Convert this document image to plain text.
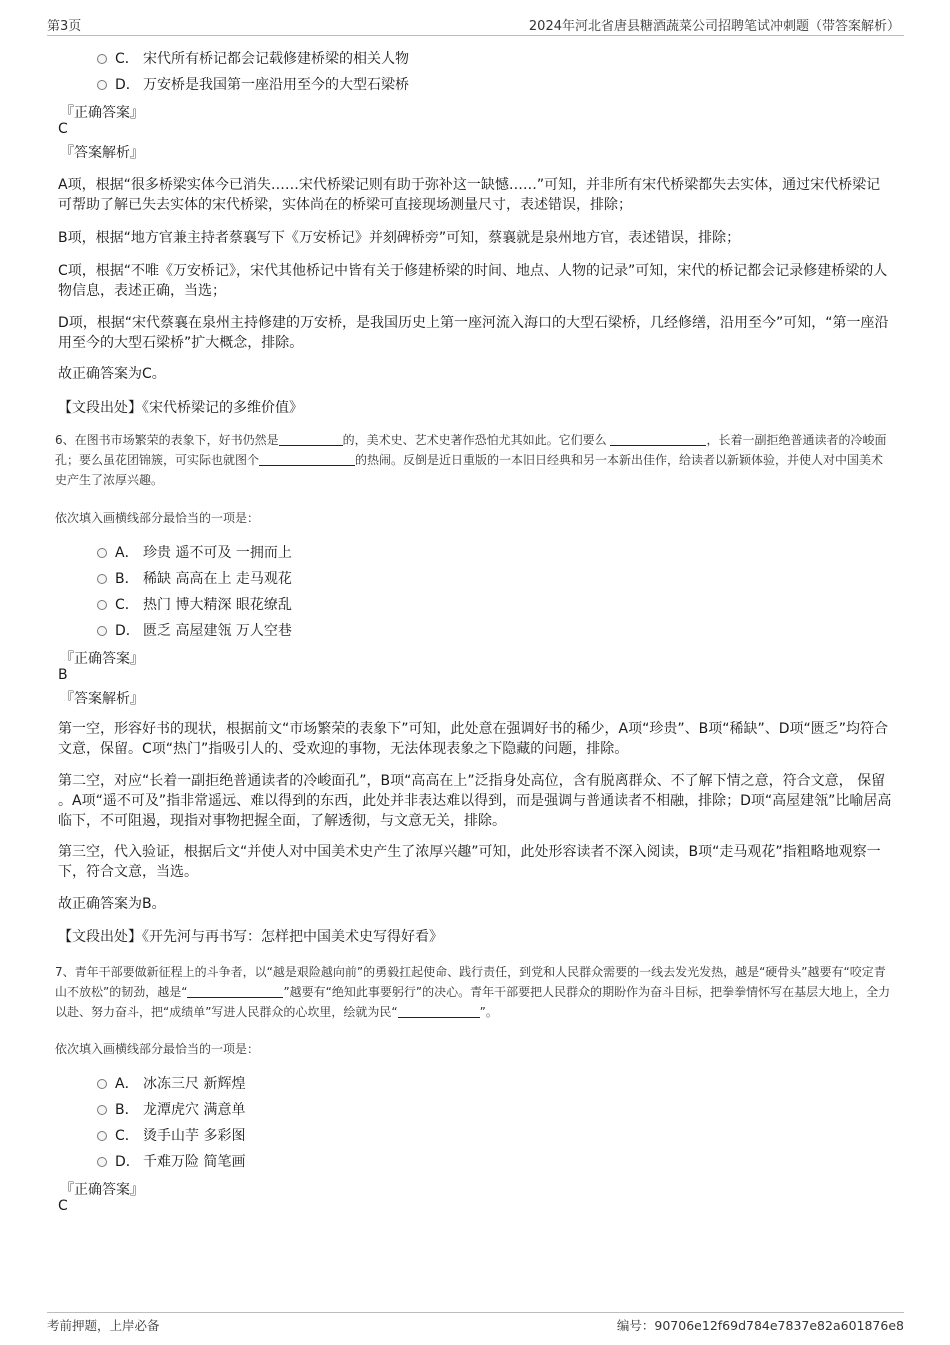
第3页	2024年河北省唐县糖酒蔬菜公司招聘笔试冲刺题（带答案解析）
C． 宋代所有桥记都会记载修建桥梁的相关人物
D． 万安桥是我国第一座沿用至今的大型石梁桥
『正确答案』
C
『答案解析』
A项，根据“很多桥梁实体今已消失……宋代桥梁记则有助于弥补这一缺憾……”可知，并非所有宋代桥梁都失去实体，通过宋代桥梁记可帮助了解已失去实体的宋代桥梁，实体尚在的桥梁可直接现场测量尺寸，表述错误，排除；
B项，根据“地方官兼主持者蔡襄写下《万安桥记》并刻碑桥旁”可知，蔡襄就是泉州地方官，表述错误，排除；
C项，根据“不唯《万安桥记》，宋代其他桥记中皆有关于修建桥梁的时间、地点、人物的记录”可知，宋代的桥记都会记录修建桥梁的人物信息，表述正确，当选；
D项，根据“宋代蔡襄在泉州主持修建的万安桥，是我国历史上第一座河流入海口的大型石梁桥，几经修缮，沿用至今”可知，“第一座沿用至今的大型石梁桥”扩大概念，排除。
故正确答案为C。
【文段出处】《宋代桥梁记的多维价值》
6、在图书市场繁荣的表象下，好书仍然是	的，美术史、艺术史著作恐怕尤其如此。它们要么	，长着一副拒绝普通读者的冷峻面孔；要么虽花团锦簇，可实际也就图个	的热闹。反倒是近日重版的一本旧日经典和另一本新出佳作，给读者以新颖体验，并使人对中国美术史产生了浓厚兴趣。
依次填入画横线部分最恰当的一项是：
A． 珍贵 遥不可及 一拥而上
B． 稀缺 高高在上 走马观花
C． 热门 博大精深 眼花缭乱
D． 匮乏 高屋建瓴 万人空巷
『正确答案』
B
『答案解析』
第一空，形容好书的现状，根据前文“市场繁荣的表象下”可知，此处意在强调好书的稀少，A项“珍贵”、B项“稀缺”、D项“匮乏”均符合文意，保留。C项“热门”指吸引人的、受欢迎的事物，无法体现表象之下隐藏的问题，排除。
第二空，对应“长着一副拒绝普通读者的冷峻面孔”，B项“高高在上”泛指身处高位，含有脱离群众、不了解下情之意，符合文意， 保留 。A项“遥不可及”指非常遥远、难以得到的东西，此处并非表达难以得到，而是强调与普通读者不相融，排除；D项“高屋建瓴”比喻居高临下，不可阻遏，现指对事物把握全面，了解透彻，与文意无关，排除。
第三空，代入验证，根据后文“并使人对中国美术史产生了浓厚兴趣”可知，此处形容读者不深入阅读，B项“走马观花”指粗略地观察一下，符合文意，当选。
故正确答案为B。
【文段出处】《开先河与再书写：怎样把中国美术史写得好看》
7、青年干部要做新征程上的斗争者，以“越是艰险越向前”的勇毅扛起使命、践行责任，到党和人民群众需要的一线去发光发热，越是“硬骨头”越要有“咬定青山不放松”的韧劲，越是“	”越要有“绝知此事要躬行”的决心。青年干部要把人民群众的期盼作为奋斗目标，把拳拳情怀写在基层大地上，全力以赴、努力奋斗，把“成绩单”写进人民群众的心坎里，绘就为民“	”。
依次填入画横线部分最恰当的一项是：
A． 冰冻三尺 新辉煌
B． 龙潭虎穴 满意单
C． 烫手山芋 多彩图
D． 千难万险 简笔画
『正确答案』
C
考前押题，上岸必备	编号：90706e12f69d784e7837e82a601876e8
